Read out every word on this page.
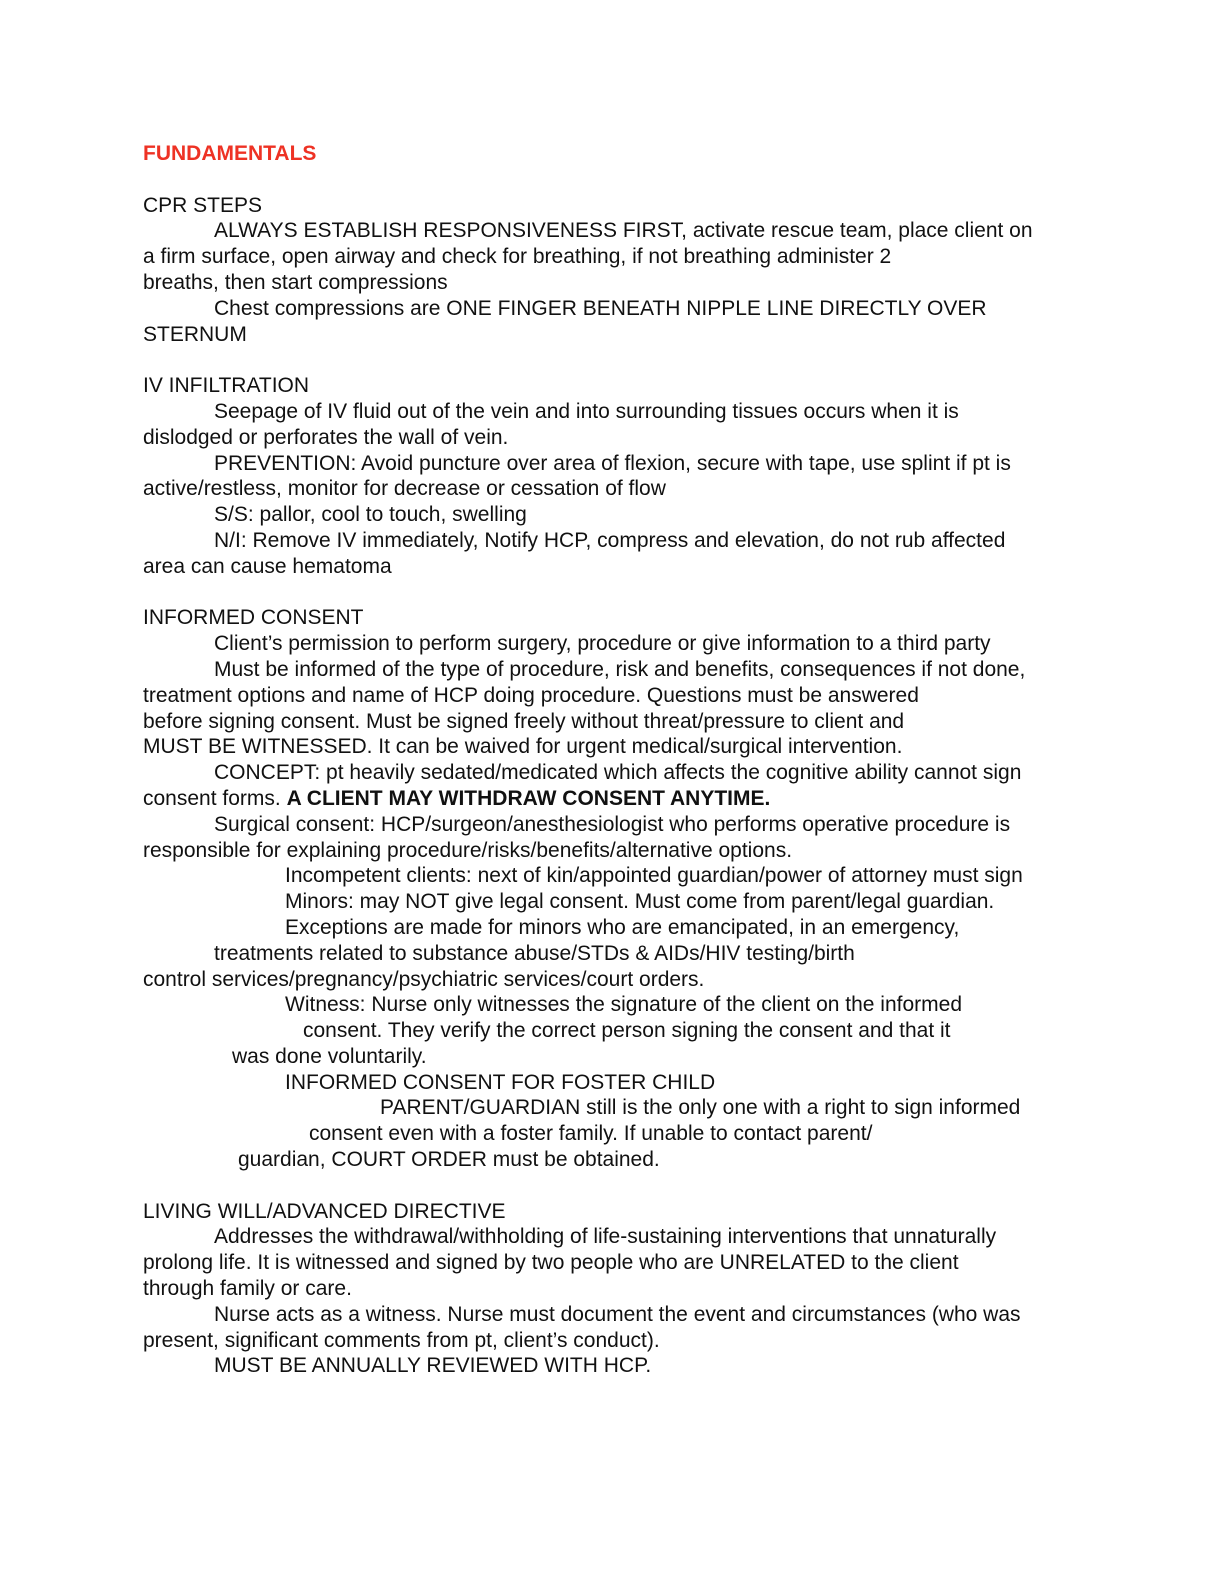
FUNDAMENTALS
CPR STEPS
ALWAYS ESTABLISH RESPONSIVENESS FIRST, activate rescue team, place client on
a firm surface, open airway and check for breathing, if not breathing administer 2
breaths, then start compressions
Chest compressions are ONE FINGER BENEATH NIPPLE LINE DIRECTLY OVER
STERNUM
IV INFILTRATION
Seepage of IV fluid out of the vein and into surrounding tissues occurs when it is
dislodged or perforates the wall of vein.
PREVENTION: Avoid puncture over area of flexion, secure with tape, use splint if pt is
active/restless, monitor for decrease or cessation of flow
S/S: pallor, cool to touch, swelling
N/I: Remove IV immediately, Notify HCP, compress and elevation, do not rub affected
area can cause hematoma
INFORMED CONSENT
Client’s permission to perform surgery, procedure or give information to a third party
Must be informed of the type of procedure, risk and benefits, consequences if not done,
treatment options and name of HCP doing procedure. Questions must be answered
before signing consent. Must be signed freely without threat/pressure to client and
MUST BE WITNESSED. It can be waived for urgent medical/surgical intervention.
CONCEPT: pt heavily sedated/medicated which affects the cognitive ability cannot sign
consent forms. A CLIENT MAY WITHDRAW CONSENT ANYTIME.
Surgical consent: HCP/surgeon/anesthesiologist who performs operative procedure is
responsible for explaining procedure/risks/benefits/alternative options.
Incompetent clients: next of kin/appointed guardian/power of attorney must sign
Minors: may NOT give legal consent. Must come from parent/legal guardian.
Exceptions are made for minors who are emancipated, in an emergency,
treatments related to substance abuse/STDs & AIDs/HIV testing/birth
control services/pregnancy/psychiatric services/court orders.
Witness: Nurse only witnesses the signature of the client on the informed
consent. They verify the correct person signing the consent and that it
was done voluntarily.
INFORMED CONSENT FOR FOSTER CHILD
PARENT/GUARDIAN still is the only one with a right to sign informed
consent even with a foster family. If unable to contact parent/
guardian, COURT ORDER must be obtained.
LIVING WILL/ADVANCED DIRECTIVE
Addresses the withdrawal/withholding of life-sustaining interventions that unnaturally
prolong life. It is witnessed and signed by two people who are UNRELATED to the client
through family or care.
Nurse acts as a witness. Nurse must document the event and circumstances (who was
present, significant comments from pt, client’s conduct).
MUST BE ANNUALLY REVIEWED WITH HCP.
